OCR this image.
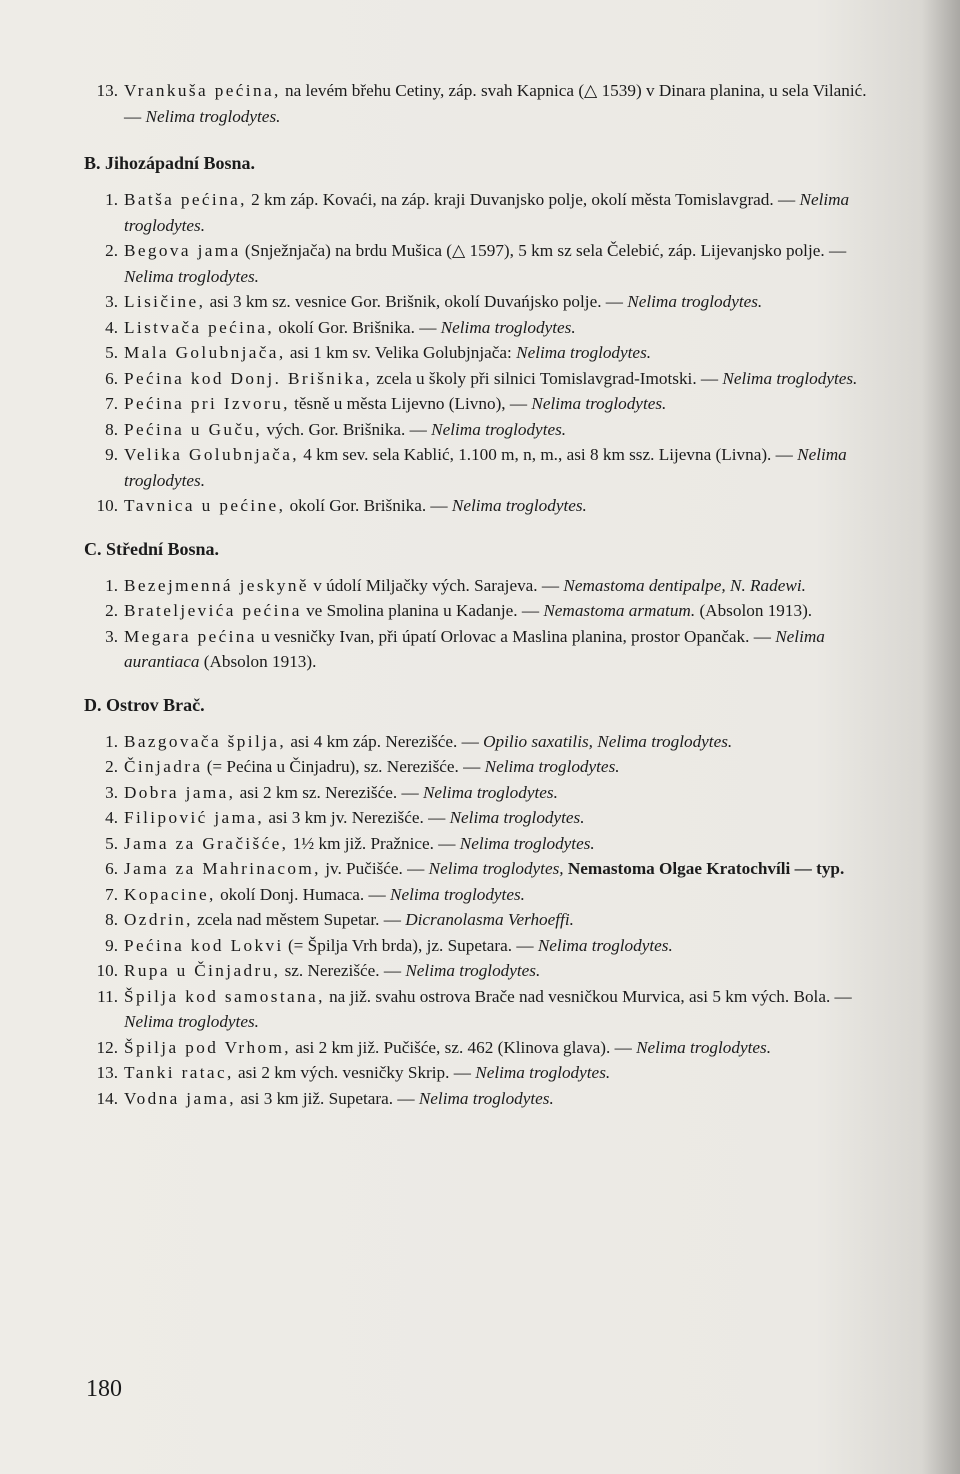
13. Vrankuša pećina, na levém břehu Cetiny, záp. svah Kapnica (△ 1539) v Dinara planina, u sela Vilanić. — Nelima troglodytes.
B. Jihozápadní Bosna.
1. Batša pećina, 2 km záp. Kovaći, na záp. kraji Duvanjsko polje, okolí města Tomislavgrad. — Nelima troglodytes.
2. Begova jama (Snježnjača) na brdu Mušica (△ 1597), 5 km sz sela Čelebić, záp. Lijevanjsko polje. — Nelima troglodytes.
3. Lisičine, asi 3 km sz. vesnice Gor. Brišnik, okolí Duvańjsko polje. — Nelima troglodytes.
4. Listvača pećina, okolí Gor. Brišnika. — Nelima troglodytes.
5. Mala Golubnjača, asi 1 km sv. Velika Golubjnjača: Nelima troglodytes.
6. Pećina kod Donj. Brišnika, zcela u školy při silnici Tomislavgrad-Imotski. — Nelima troglodytes.
7. Pećina pri Izvoru, těsně u města Lijevno (Livno), — Nelima troglodytes.
8. Pećina u Guču, vých. Gor. Brišnika. — Nelima troglodytes.
9. Velika Golubnjača, 4 km sev. sela Kablić, 1.100 m, n, m., asi 8 km ssz. Lijevna (Livna). — Nelima troglodytes.
10. Tavnica u pećine, okolí Gor. Brišnika. — Nelima troglodytes.
C. Střední Bosna.
1. Bezejmenná jeskyně v údolí Miljačky vých. Sarajeva. — Nemastoma dentipalpe, N. Radewi.
2. Brateljevića pećina ve Smolina planina u Kadanje. — Nemastoma armatum. (Absolon 1913).
3. Megara pećina u vesničky Ivan, při úpatí Orlovac a Maslina planina, prostor Opančak. — Nelima aurantiaca (Absolon 1913).
D. Ostrov Brač.
1. Bazgovača špilja, asi 4 km záp. Nerezišće. — Opilio saxatilis, Nelima troglodytes.
2. Činjadra (= Pećina u Činjadru), sz. Nerezišće. — Nelima troglodytes.
3. Dobra jama, asi 2 km sz. Nerezišće. — Nelima troglodytes.
4. Filipović jama, asi 3 km jv. Nerezišće. — Nelima troglodytes.
5. Jama za Gračišće, 1½ km již. Pražnice. — Nelima troglodytes.
6. Jama za Mahrinacom, jv. Pučišće. — Nelima troglodytes, Nemastoma Olgae Kratochvíli — typ.
7. Kopacine, okolí Donj. Humaca. — Nelima troglodytes.
8. Ozdrin, zcela nad městem Supetar. — Dicranolasma Verhoeffi.
9. Pećina kod Lokvi (= Špilja Vrh brda), jz. Supetara. — Nelima troglodytes.
10. Rupa u Činjadru, sz. Nerezišće. — Nelima troglodytes.
11. Špilja kod samostana, na již. svahu ostrova Brače nad vesničkou Murvica, asi 5 km vých. Bola. — Nelima troglodytes.
12. Špilja pod Vrhom, asi 2 km již. Pučišće, sz. 462 (Klinova glava). — Nelima troglodytes.
13. Tanki ratac, asi 2 km vých. vesničky Skrip. — Nelima troglodytes.
14. Vodna jama, asi 3 km již. Supetara. — Nelima troglodytes.
180
